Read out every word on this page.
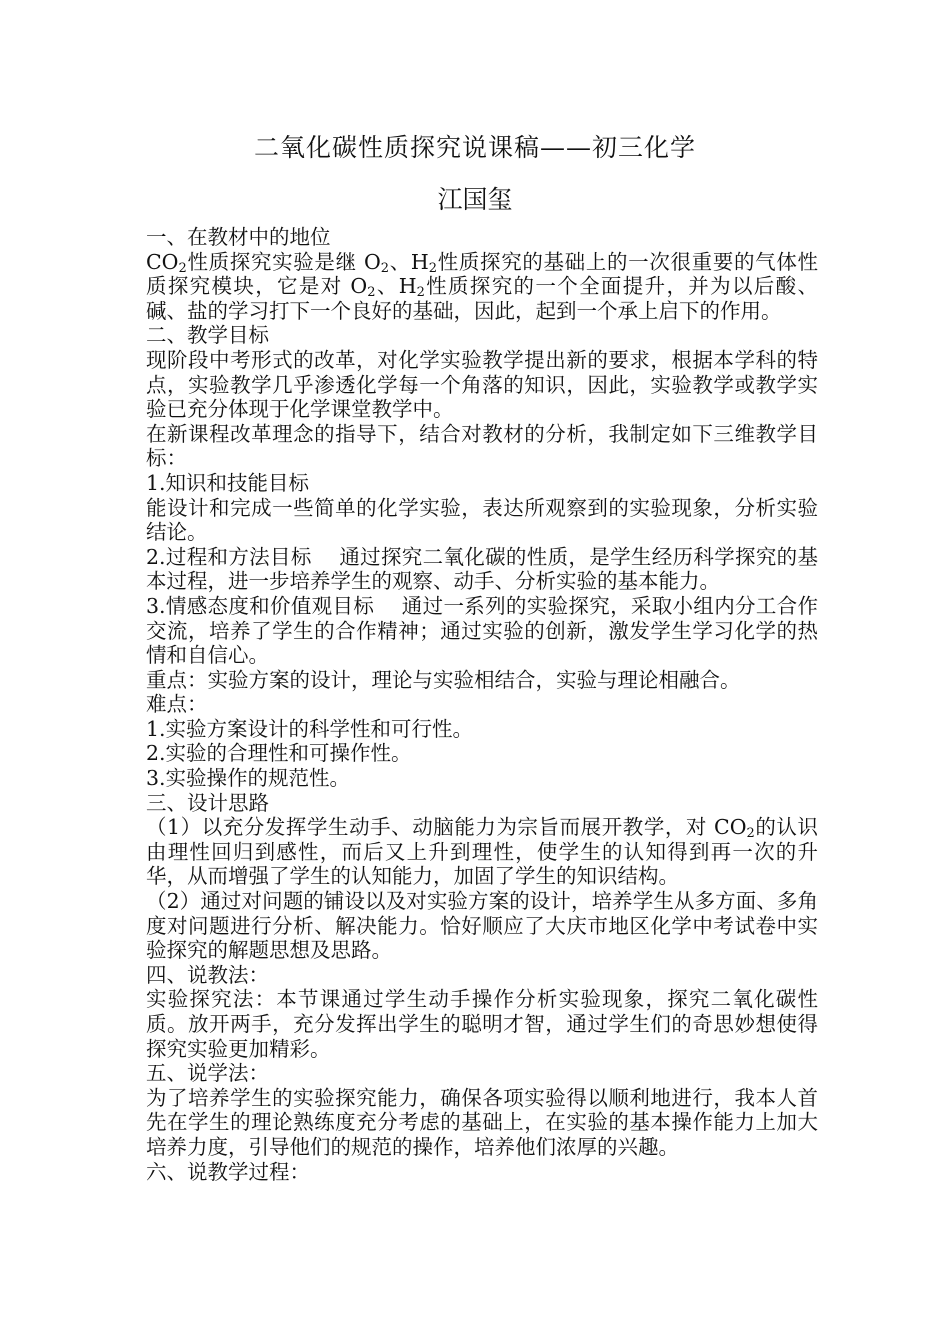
二氧化碳性质探究说课稿——初三化学
江国玺

一、在教材中的地位

$CO_2$性质探究实验是继 $O_2$、$H_2$性质探究的基础上的一次很重要的气体性质探究模块，它是对 $O_2$、$H_2$性质探究的一个全面提升，并为以后酸、碱、盐的学习打下一个良好的基础，因此，起到一个承上启下的作用。

二、教学目标

现阶段中考形式的改革，对化学实验教学提出新的要求，根据本学科的特点，实验教学几乎渗透化学每一个角落的知识，因此，实验教学或教学实验已充分体现于化学课堂教学中。

在新课程改革理念的指导下，结合对教材的分析，我制定如下三维教学目标：

1.知识和技能目标

能设计和完成一些简单的化学实验，表达所观察到的实验现象，分析实验结论。

2.过程和方法目标　 通过探究二氧化碳的性质，是学生经历科学探究的基本过程，进一步培养学生的观察、动手、分析实验的基本能力。

3.情感态度和价值观目标　 通过一系列的实验探究，采取小组内分工合作交流，培养了学生的合作精神；通过实验的创新，激发学生学习化学的热情和自信心。

重点：实验方案的设计，理论与实验相结合，实验与理论相融合。

难点：

1.实验方案设计的科学性和可行性。

2.实验的合理性和可操作性。

3.实验操作的规范性。

三、设计思路

（1）以充分发挥学生动手、动脑能力为宗旨而展开教学，对 $CO_2$的认识由理性回归到感性，而后又上升到理性，使学生的认知得到再一次的升华，从而增强了学生的认知能力，加固了学生的知识结构。

（2）通过对问题的铺设以及对实验方案的设计，培养学生从多方面、多角度对问题进行分析、解决能力。恰好顺应了大庆市地区化学中考试卷中实验探究的解题思想及思路。

四、说教法：

实验探究法：本节课通过学生动手操作分析实验现象，探究二氧化碳性质。放开两手，充分发挥出学生的聪明才智，通过学生们的奇思妙想使得探究实验更加精彩。

五、说学法：

为了培养学生的实验探究能力，确保各项实验得以顺利地进行，我本人首先在学生的理论熟练度充分考虑的基础上，在实验的基本操作能力上加大培养力度，引导他们的规范的操作，培养他们浓厚的兴趣。

六、说教学过程：
